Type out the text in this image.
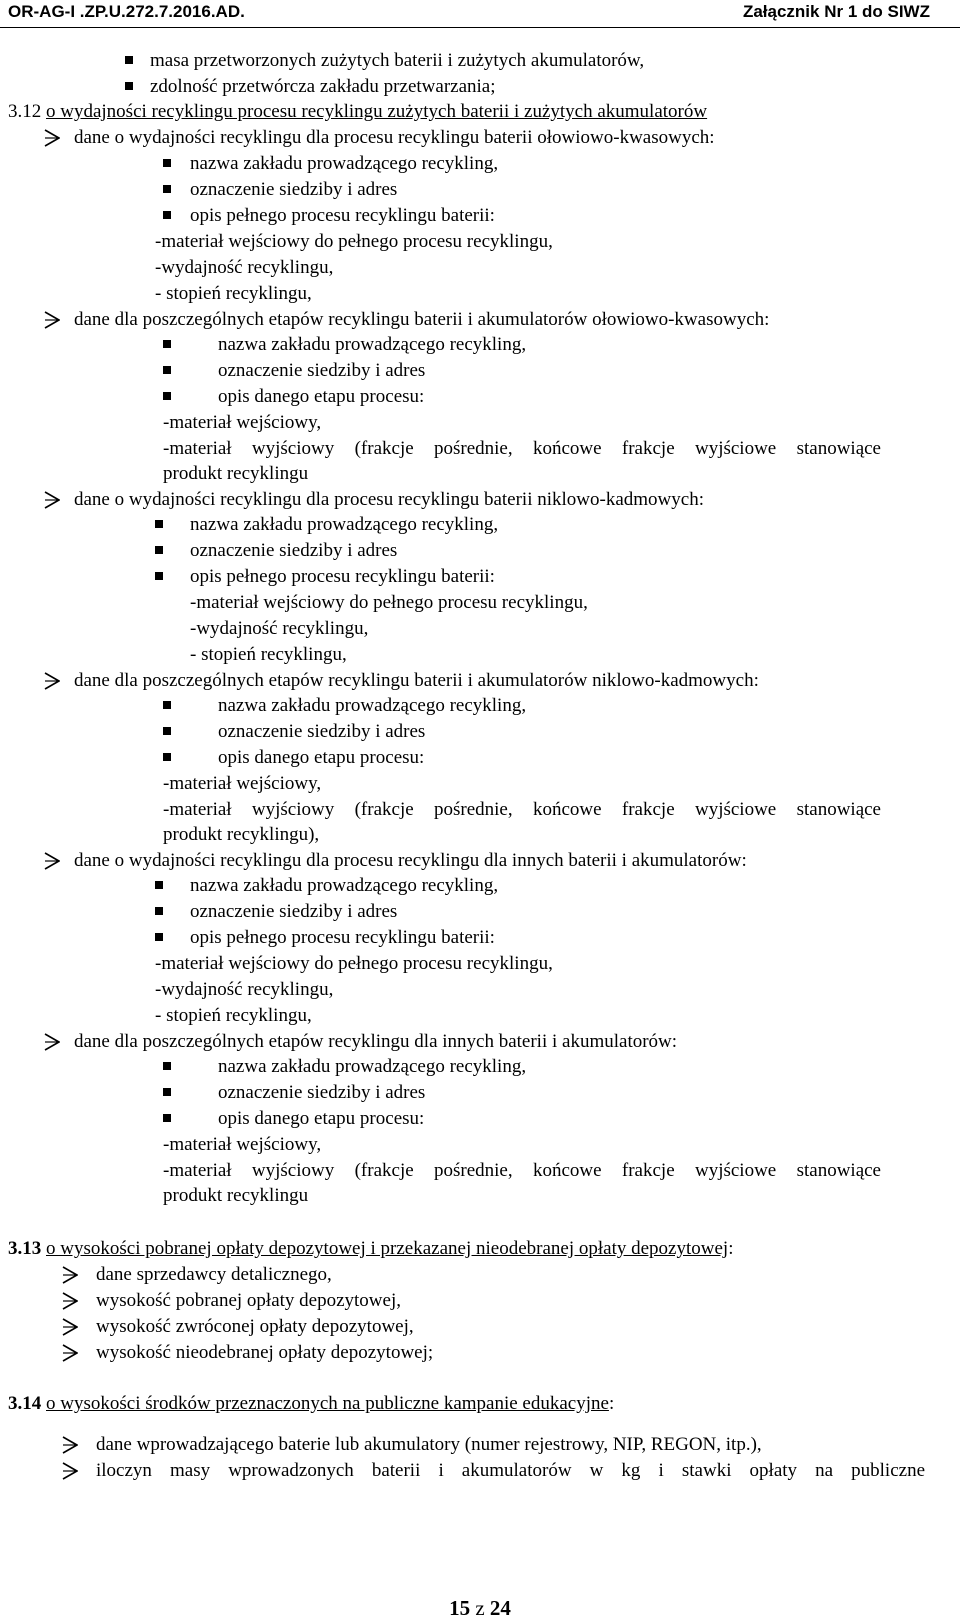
OR-AG-I .ZP.U.272.7.2016.AD.	Załącznik Nr 1 do SIWZ
masa przetworzonych zużytych baterii i zużytych akumulatorów,
zdolność przetwórcza zakładu przetwarzania;
3.12 o wydajności recyklingu procesu recyklingu zużytych baterii i zużytych akumulatorów
dane o wydajności recyklingu dla procesu recyklingu baterii ołowiowo-kwasowych:
nazwa zakładu prowadzącego recykling,
oznaczenie siedziby i adres
opis pełnego procesu recyklingu baterii:
-materiał wejściowy do pełnego procesu recyklingu,
-wydajność recyklingu,
- stopień recyklingu,
dane dla poszczególnych etapów recyklingu baterii i akumulatorów ołowiowo-kwasowych:
nazwa zakładu prowadzącego recykling,
oznaczenie siedziby i adres
opis danego etapu procesu:
-materiał wejściowy,
-materiał wyjściowy (frakcje pośrednie, końcowe frakcje wyjściowe stanowiące
produkt recyklingu
dane o wydajności recyklingu dla procesu recyklingu baterii niklowo-kadmowych:
nazwa zakładu prowadzącego recykling,
oznaczenie siedziby i adres
opis pełnego procesu recyklingu baterii:
-materiał wejściowy do pełnego procesu recyklingu,
-wydajność recyklingu,
- stopień recyklingu,
dane dla poszczególnych etapów recyklingu baterii i akumulatorów niklowo-kadmowych:
nazwa zakładu prowadzącego recykling,
oznaczenie siedziby i adres
opis danego etapu procesu:
-materiał wejściowy,
-materiał wyjściowy (frakcje pośrednie, końcowe frakcje wyjściowe stanowiące
produkt recyklingu),
dane o wydajności recyklingu dla procesu recyklingu dla innych baterii i akumulatorów:
nazwa zakładu prowadzącego recykling,
oznaczenie siedziby i adres
opis pełnego procesu recyklingu baterii:
-materiał wejściowy do pełnego procesu recyklingu,
-wydajność recyklingu,
- stopień recyklingu,
dane dla poszczególnych etapów recyklingu dla innych baterii i akumulatorów:
nazwa zakładu prowadzącego recykling,
oznaczenie siedziby i adres
opis danego etapu procesu:
-materiał wejściowy,
-materiał wyjściowy (frakcje pośrednie, końcowe frakcje wyjściowe stanowiące
produkt recyklingu
3.13 o wysokości pobranej opłaty depozytowej i przekazanej nieodebranej opłaty depozytowej:
dane sprzedawcy detalicznego,
wysokość pobranej opłaty depozytowej,
wysokość zwróconej opłaty depozytowej,
wysokość nieodebranej opłaty depozytowej;
3.14 o wysokości środków przeznaczonych na publiczne kampanie edukacyjne:
dane wprowadzającego baterie lub akumulatory (numer rejestrowy, NIP, REGON, itp.),
iloczyn masy wprowadzonych baterii i akumulatorów w kg i stawki opłaty na publiczne
15 z 24
